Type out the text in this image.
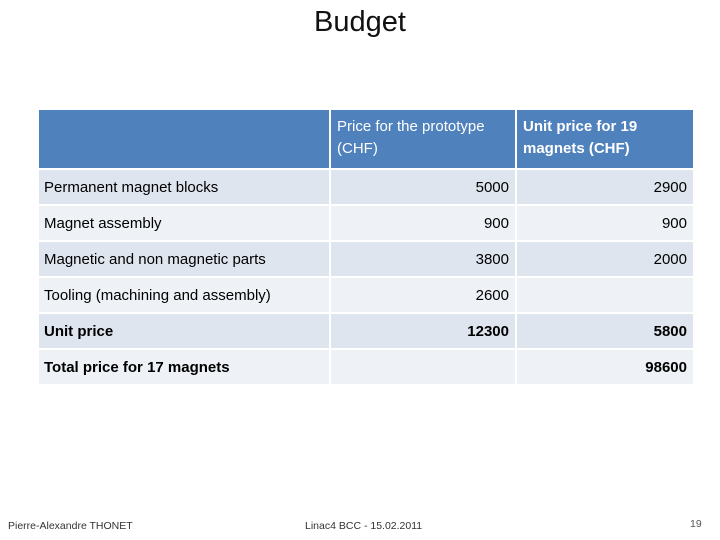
Budget

	Price for the prototype (CHF)	Unit price for 19 magnets (CHF)

Permanent magnet blocks	5000	2900
Magnet assembly	900	900
Magnetic and non magnetic parts	3800	2000
Tooling (machining and assembly)	2600	
Unit price	12300	5800
Total price for 17 magnets		98600
Pierre-Alexandre THONET	Linac4 BCC - 15.02.2011	19
